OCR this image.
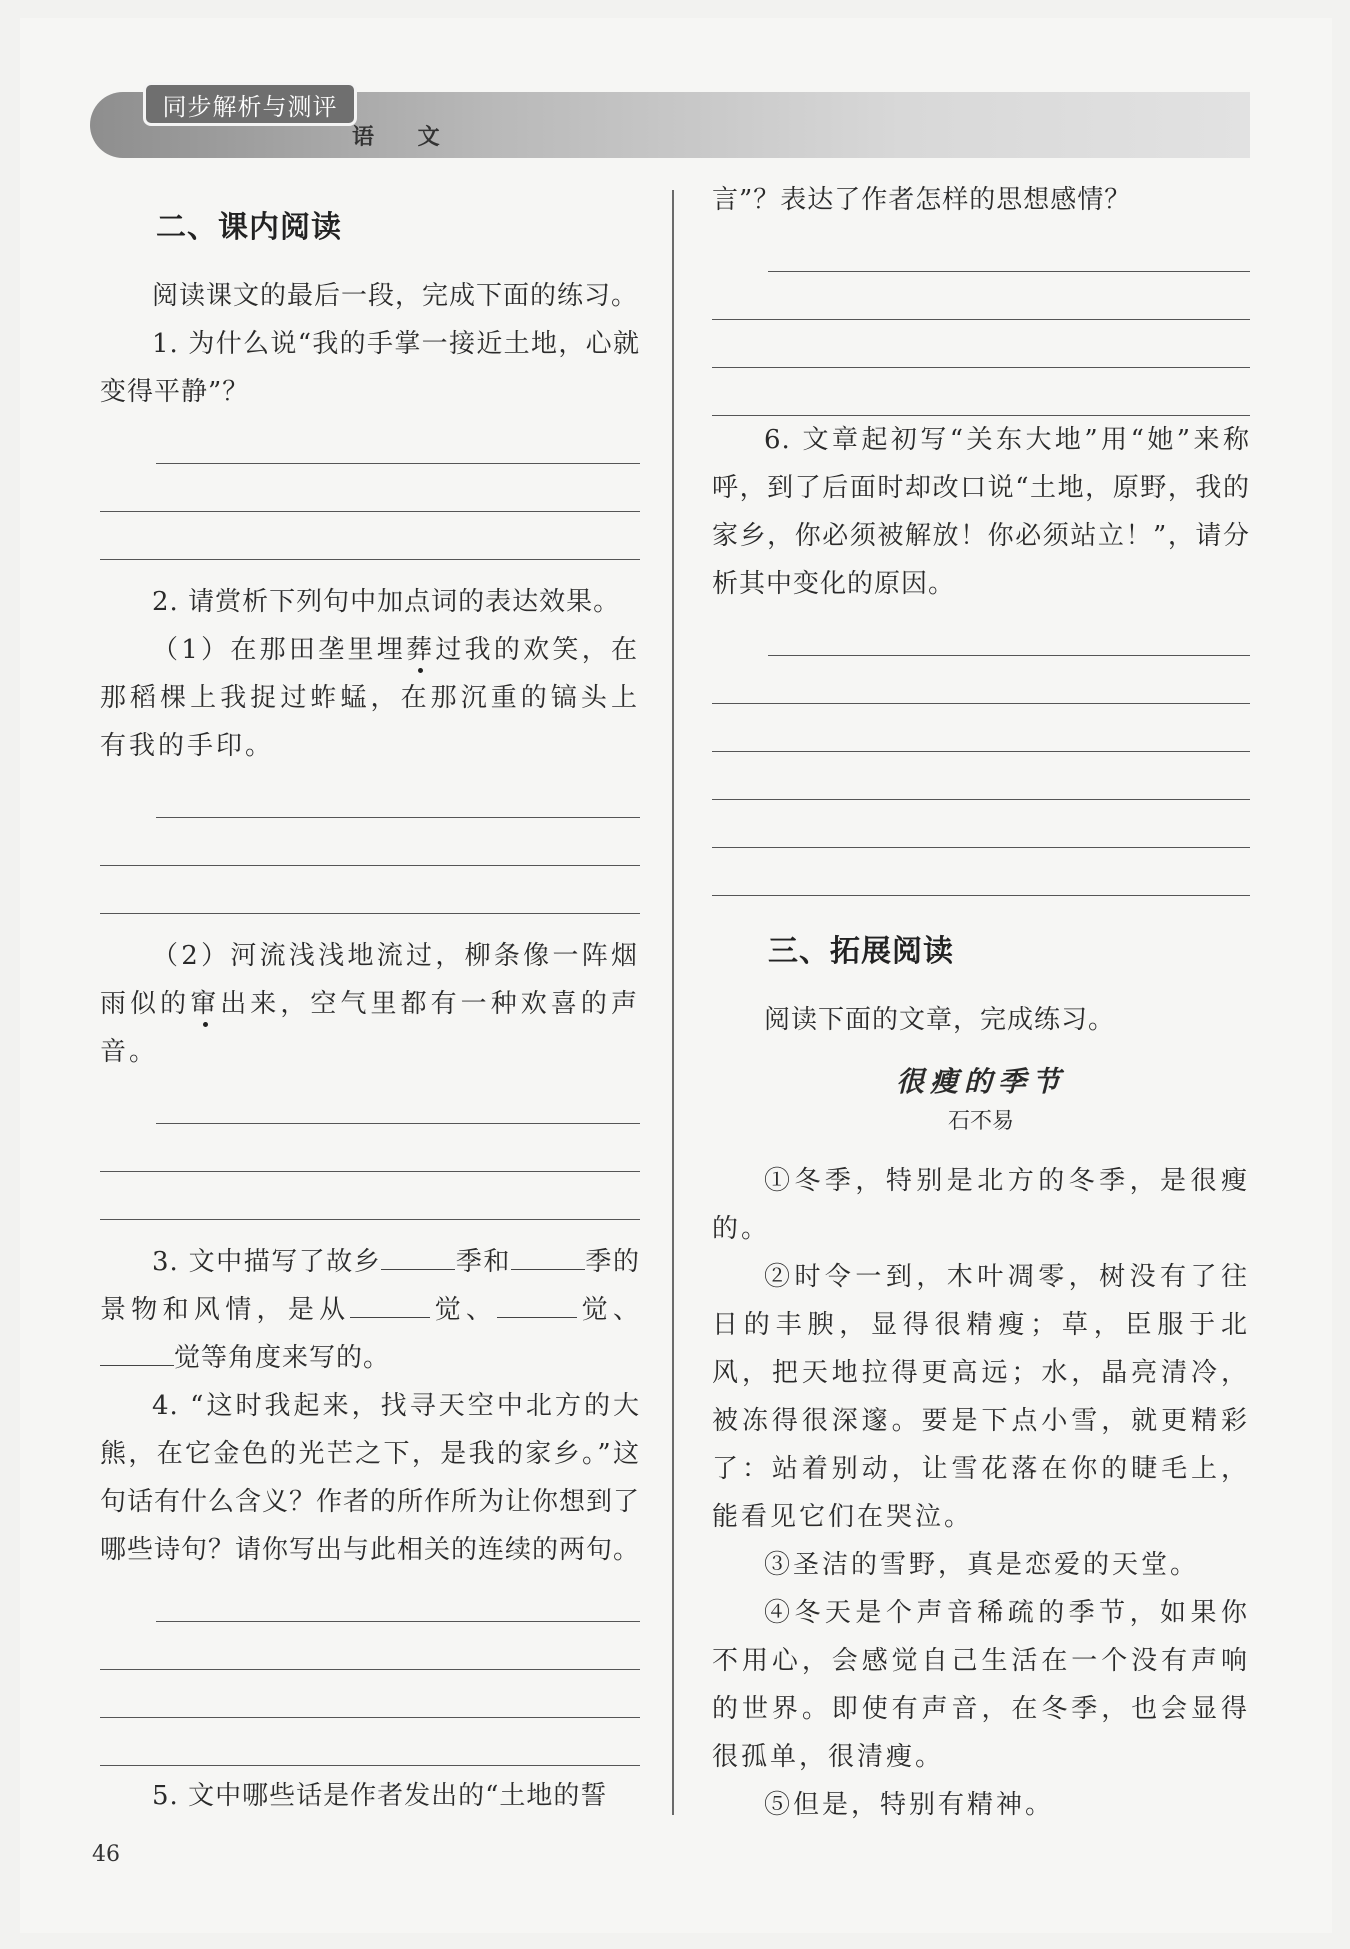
同步解析与测评
语 文
二、课内阅读

阅读课文的最后一段，完成下面的练习。

1. 为什么说“我的手掌一接近土地，心就变得平静”？

2. 请赏析下列句中加点词的表达效果。

（1）在那田垄里埋葬过我的欢笑，在那稻棵上我捉过蚱蜢，在那沉重的镐头上有我的手印。

（2）河流浅浅地流过，柳条像一阵烟雨似的窜出来，空气里都有一种欢喜的声音。

3. 文中描写了故乡	季和	季的景物和风情，是从	觉、	觉、觉等角度来写的。

4. “这时我起来，找寻天空中北方的大熊，在它金色的光芒之下，是我的家乡。”这句话有什么含义？作者的所作所为让你想到了哪些诗句？请你写出与此相关的连续的两句。

5. 文中哪些话是作者发出的“土地的誓

言”？表达了作者怎样的思想感情？

6. 文章起初写“关东大地”用“她”来称呼，到了后面时却改口说“土地，原野，我的家乡，你必须被解放！你必须站立！”，请分析其中变化的原因。

三、拓展阅读

阅读下面的文章，完成练习。

很瘦的季节
石不易

①冬季，特别是北方的冬季，是很瘦的。

②时令一到，木叶凋零，树没有了往日的丰腴，显得很精瘦；草，臣服于北风，把天地拉得更高远；水，晶亮清冷，被冻得很深邃。要是下点小雪，就更精彩了：站着别动，让雪花落在你的睫毛上，能看见它们在哭泣。

③圣洁的雪野，真是恋爱的天堂。

④冬天是个声音稀疏的季节，如果你不用心，会感觉自己生活在一个没有声响的世界。即使有声音，在冬季，也会显得很孤单，很清瘦。

⑤但是，特别有精神。

46
